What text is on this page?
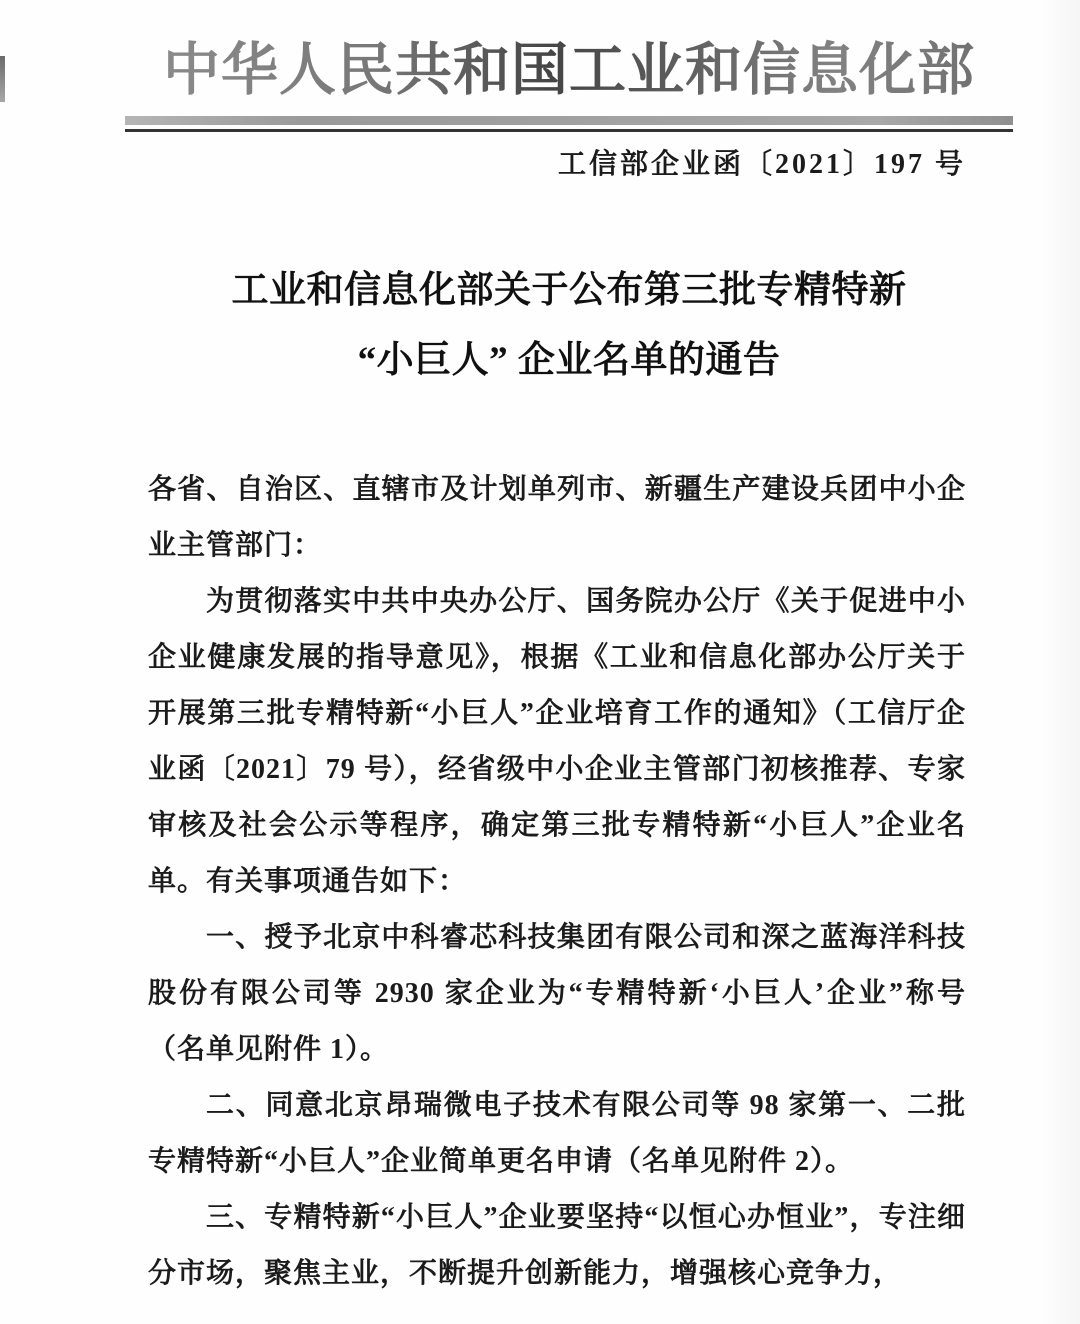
中华人民共和国工业和信息化部
工信部企业函〔2021〕197 号
工业和信息化部关于公布第三批专精特新
“小巨人” 企业名单的通告

各省、自治区、直辖市及计划单列市、新疆生产建设兵团中小企业主管部门：

为贯彻落实中共中央办公厅、国务院办公厅《关于促进中小企业健康发展的指导意见》，根据《工业和信息化部办公厅关于开展第三批专精特新“小巨人”企业培育工作的通知》（工信厅企业函〔2021〕79 号），经省级中小企业主管部门初核推荐、专家审核及社会公示等程序，确定第三批专精特新“小巨人”企业名单。有关事项通告如下：

一、授予北京中科睿芯科技集团有限公司和深之蓝海洋科技股份有限公司等 2930 家企业为“专精特新‘小巨人’企业”称号（名单见附件 1）。

二、同意北京昂瑞微电子技术有限公司等 98 家第一、二批专精特新“小巨人”企业简单更名申请（名单见附件 2）。

三、专精特新“小巨人”企业要坚持“以恒心办恒业”，专注细分市场，聚焦主业，不断提升创新能力，增强核心竞争力，
